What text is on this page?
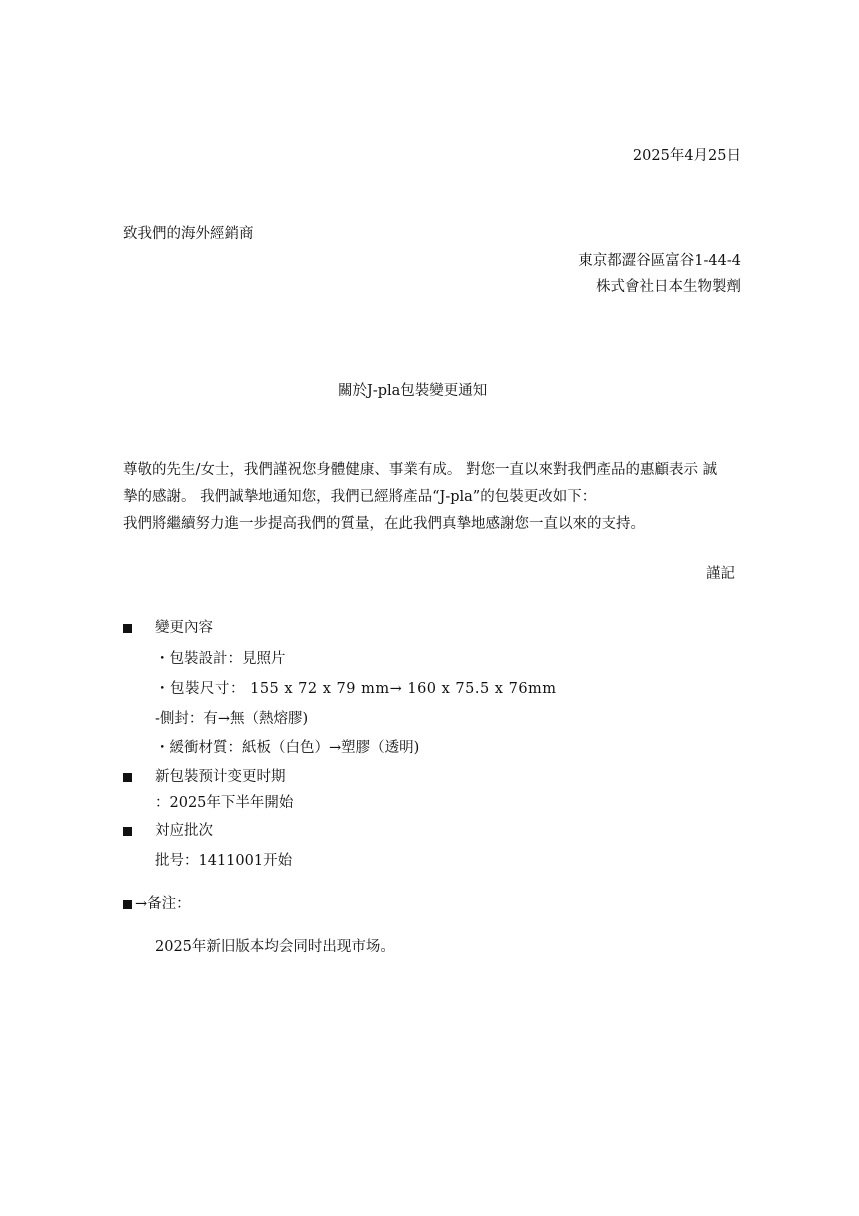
2025年4月25日
致我們的海外經銷商
東京都澀谷區富谷1-44-4
株式會社日本生物製劑
關於J-pla包裝變更通知
尊敬的先生/女士，我們謹祝您身體健康、事業有成。 對您一直以來對我們產品的惠顧表示 誠
摯的感謝。 我們誠摯地通知您，我們已經將產品“J-pla”的包裝更改如下：
我們將繼續努力進一步提高我們的質量，在此我們真摯地感謝您一直以來的支持。
謹記
變更內容
・包裝設計：見照片
・包裝尺寸： 155 x 72 x 79 mm→ 160 x 75.5 x 76mm
-側封：有→無（熱熔膠)
・緩衝材質：紙板（白色）→塑膠（透明)
新包裝预计变更时期
：2025年下半年開始
対应批次
批号：1411001开始
→备注：
2025年新旧版本均会同时出现市场。
